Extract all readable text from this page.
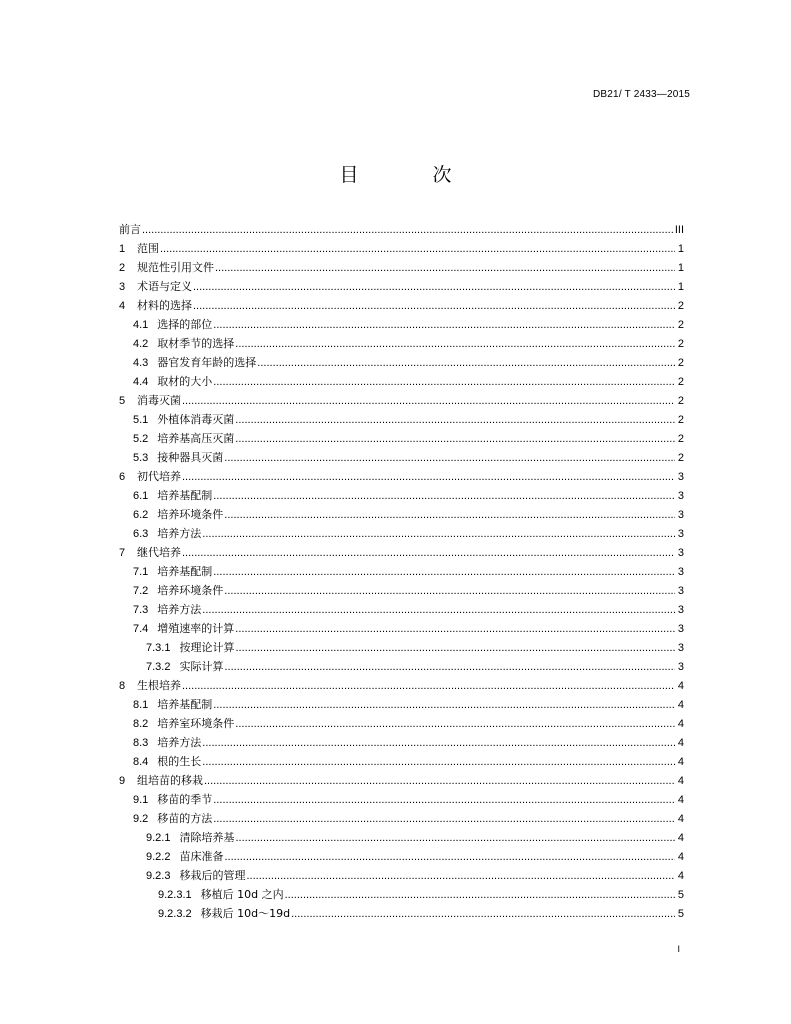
DB21/ T 2433—2015
目 次
前言 .....	III
1 范围 .....	1
2 规范性引用文件 .....	1
3 术语与定义 .....	1
4 材料的选择 .....	2
4.1 选择的部位 .....	2
4.2 取材季节的选择 .....	2
4.3 器官发育年龄的选择 .....	2
4.4 取材的大小 .....	2
5 消毒灭菌 .....	2
5.1 外植体消毒灭菌 .....	2
5.2 培养基高压灭菌 .....	2
5.3 接种器具灭菌 .....	2
6 初代培养 .....	3
6.1 培养基配制 .....	3
6.2 培养环境条件 .....	3
6.3 培养方法 .....	3
7 继代培养 .....	3
7.1 培养基配制 .....	3
7.2 培养环境条件 .....	3
7.3 培养方法 .....	3
7.4 增殖速率的计算 .....	3
7.3.1 按理论计算 .....	3
7.3.2 实际计算 .....	3
8 生根培养 .....	4
8.1 培养基配制 .....	4
8.2 培养室环境条件 .....	4
8.3 培养方法 .....	4
8.4 根的生长 .....	4
9 组培苗的移栽 .....	4
9.1 移苗的季节 .....	4
9.2 移苗的方法 .....	4
9.2.1 清除培养基 .....	4
9.2.2 苗床准备 .....	4
9.2.3 移栽后的管理 .....	4
9.2.3.1 移植后 10d 之内 .....	5
9.2.3.2 移栽后 10d～19d .....	5
I
